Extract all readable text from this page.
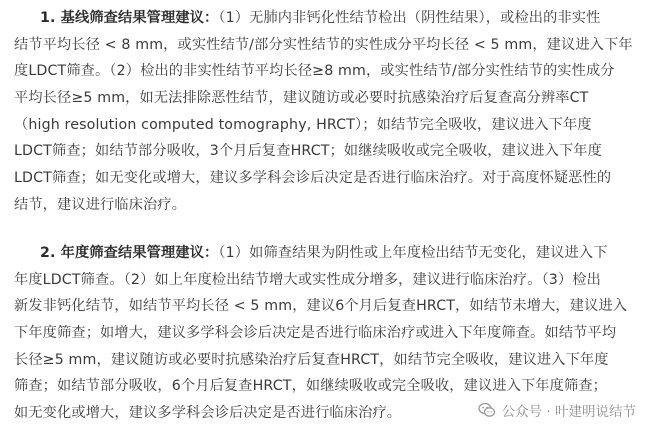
1. 基线筛查结果管理建议：（1）无肺内非钙化性结节检出（阴性结果），或检出的非实性
结节平均长径 < 8 mm，或实性结节/部分实性结节的实性成分平均长径 < 5 mm，建议进入下年
度LDCT筛查。（2）检出的非实性结节平均长径≥8 mm，或实性结节/部分实性结节的实性成分
平均长径≥5 mm，如无法排除恶性结节，建议随访或必要时抗感染治疗后复查高分辨率CT
（high resolution computed tomography, HRCT）；如结节完全吸收，建议进入下年度
LDCT筛查；如结节部分吸收，3个月后复查HRCT；如继续吸收或完全吸收，建议进入下年度
LDCT筛查；如无变化或增大，建议多学科会诊后决定是否进行临床治疗。对于高度怀疑恶性的
结节，建议进行临床治疗。
2. 年度筛查结果管理建议：（1）如筛查结果为阴性或上年度检出结节无变化，建议进入下
年度LDCT筛查。（2）如上年度检出结节增大或实性成分增多，建议进行临床治疗。（3）检出
新发非钙化结节，如结节平均长径 < 5 mm，建议6个月后复查HRCT，如结节未增大，建议进入
下年度筛查；如增大，建议多学科会诊后决定是否进行临床治疗或进入下年度筛查。如结节平均
长径≥5 mm，建议随访或必要时抗感染治疗后复查HRCT，如结节完全吸收，建议进入下年度
筛查；如结节部分吸收，6个月后复查HRCT，如继续吸收或完全吸收，建议进入下年度筛查；
如无变化或增大，建议多学科会诊后决定是否进行临床治疗。	公众号 · 叶建明说结节
